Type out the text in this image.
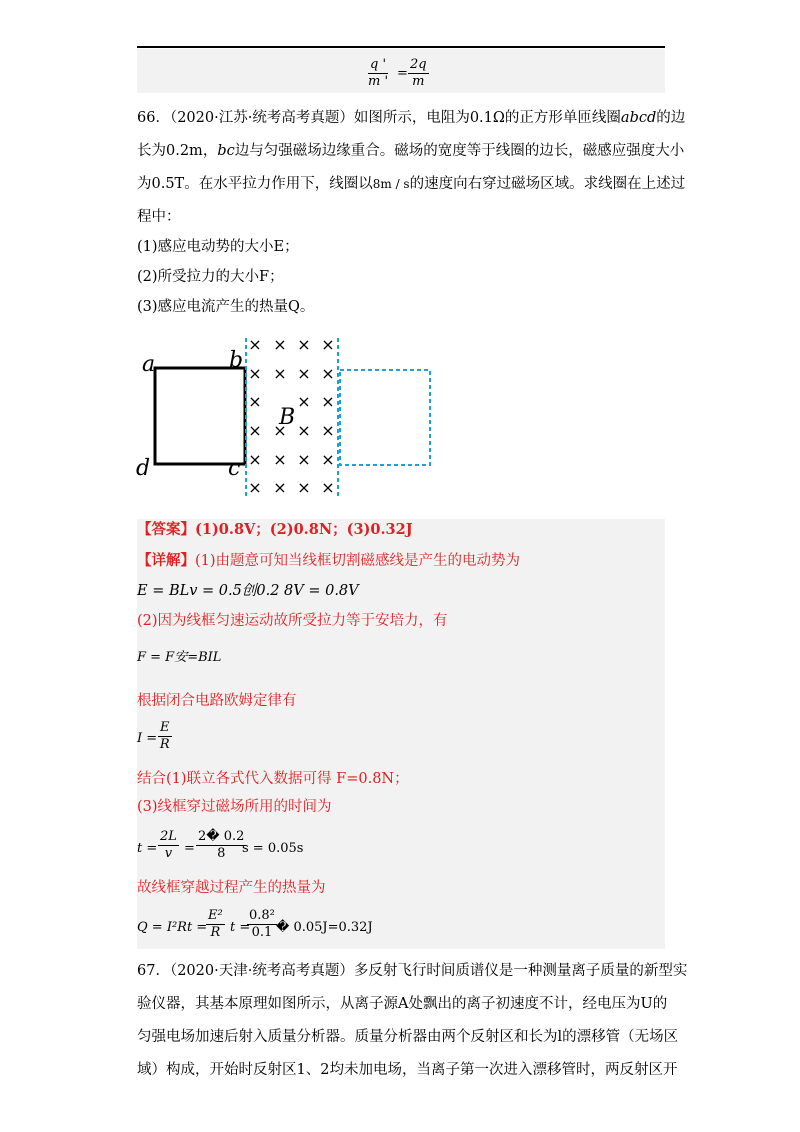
$\frac{q '}{m '} = \frac{2q}{m}$
66．（2020·江苏·统考高考真题）如图所示，电阻为0.1Ω的正方形单匝线圈abcd的边
长为0.2m，bc边与匀强磁场边缘重合。磁场的宽度等于线圈的边长，磁感应强度大小
为0.5T。在水平拉力作用下，线圈以8m / s的速度向右穿过磁场区域。求线圈在上述过
程中：
(1)感应电动势的大小E；
(2)所受拉力的大小F；
(3)感应电流产生的热量Q。
a	b
c
d
B
× × × ×
× × × ×
× × ×
× × × ×
× × × ×
× × × ×
【答案】(1)0.8V；(2)0.8N；(3)0.32J
【详解】(1)由题意可知当线框切割磁感线是产生的电动势为
E = BLv = 0.5创0.2 8V = 0.8V
(2)因为线框匀速运动故所受拉力等于安培力，有
F = F安=BIL
根据闭合电路欧姆定律有
$I = \frac{E}{R}$
结合(1)联立各式代入数据可得 F=0.8N；
(3)线框穿过磁场所用的时间为
$t = \frac{2L}{v} = \frac{2� 0.2}{8}$
s = 0.05s
故线框穿越过程产生的热量为
Q = I²Rt =
$\frac{\text{E²}}{R}$ t =
$\frac{\text{0.8²}}{0.1}$ � 0.05J=0.32J
67．（2020·天津·统考高考真题）多反射飞行时间质谱仪是一种测量离子质量的新型实
验仪器，其基本原理如图所示，从离子源A处飘出的离子初速度不计，经电压为U的
匀强电场加速后射入质量分析器。质量分析器由两个反射区和长为l的漂移管（无场区
域）构成，开始时反射区1、2均未加电场，当离子第一次进入漂移管时，两反射区开
